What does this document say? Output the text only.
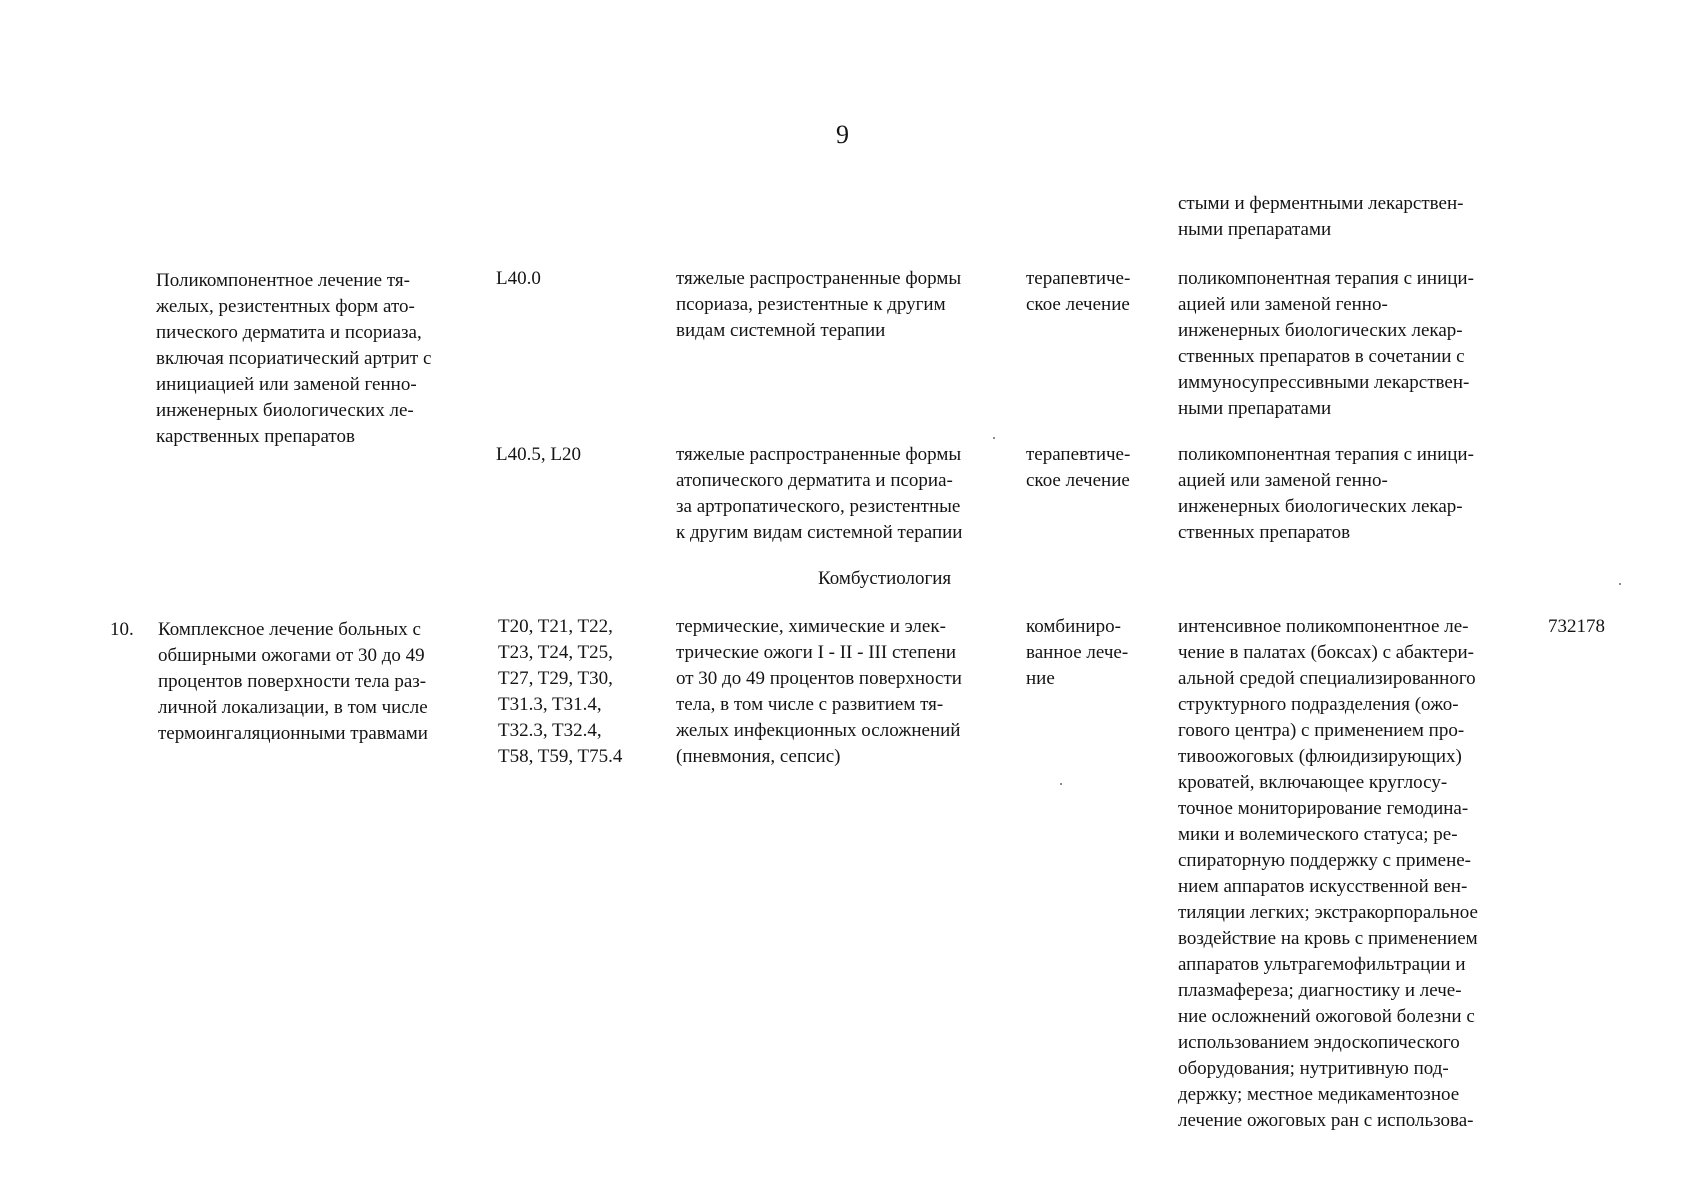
9

стыми и ферментными лекарствен-
ными препаратами

Поликомпонентное лечение тя-
желых, резистентных форм ато-
пического дерматита и псориаза,
включая псориатический артрит с
инициацией или заменой генно-
инженерных биологических ле-
карственных препаратов

L40.0	тяжелые распространенные формы
псориаза, резистентные к другим
видам системной терапии

терапевтиче-
ское лечение

поликомпонентная терапия с иници-
ацией или заменой генно-
инженерных биологических лекар-
ственных препаратов в сочетании с
иммуносупрессивными лекарствен-
ными препаратами

L40.5, L20	тяжелые распространенные формы
атопического дерматита и псориа-
за артропатического, резистентные
к другим видам системной терапии

терапевтиче-
ское лечение

поликомпонентная терапия с иници-
ацией или заменой генно-
инженерных биологических лекар-
ственных препаратов

Комбустиология

10. Комплексное лечение больных с
обширными ожогами от 30 до 49
процентов поверхности тела раз-
личной локализации, в том числе
термоингаляционными травмами

T20, T21, T22,
T23, T24, T25,
T27, T29, T30,
T31.3, T31.4,
T32.3, T32.4,
T58, T59, T75.4

термические, химические и элек-
трические ожоги I - II - III степени
от 30 до 49 процентов поверхности
тела, в том числе с развитием тя-
желых инфекционных осложнений
(пневмония, сепсис)

комбиниро-
ванное лече-
ние

интенсивное поликомпонентное ле-
чение в палатах (боксах) с абактери-
альной средой специализированного
структурного подразделения (ожо-
гового центра) с применением про-
тивоожоговых (флюидизирующих)
кроватей, включающее круглосу-
точное мониторирование гемодина-
мики и волемического статуса; ре-
спираторную поддержку с примене-
нием аппаратов искусственной вен-
тиляции легких; экстракорпоральное
воздействие на кровь с применением
аппаратов ультрагемофильтрации и
плазмафереза; диагностику и лече-
ние осложнений ожоговой болезни с
использованием эндоскопического
оборудования; нутритивную под-
держку; местное медикаментозное
лечение ожоговых ран с использова-

732178
